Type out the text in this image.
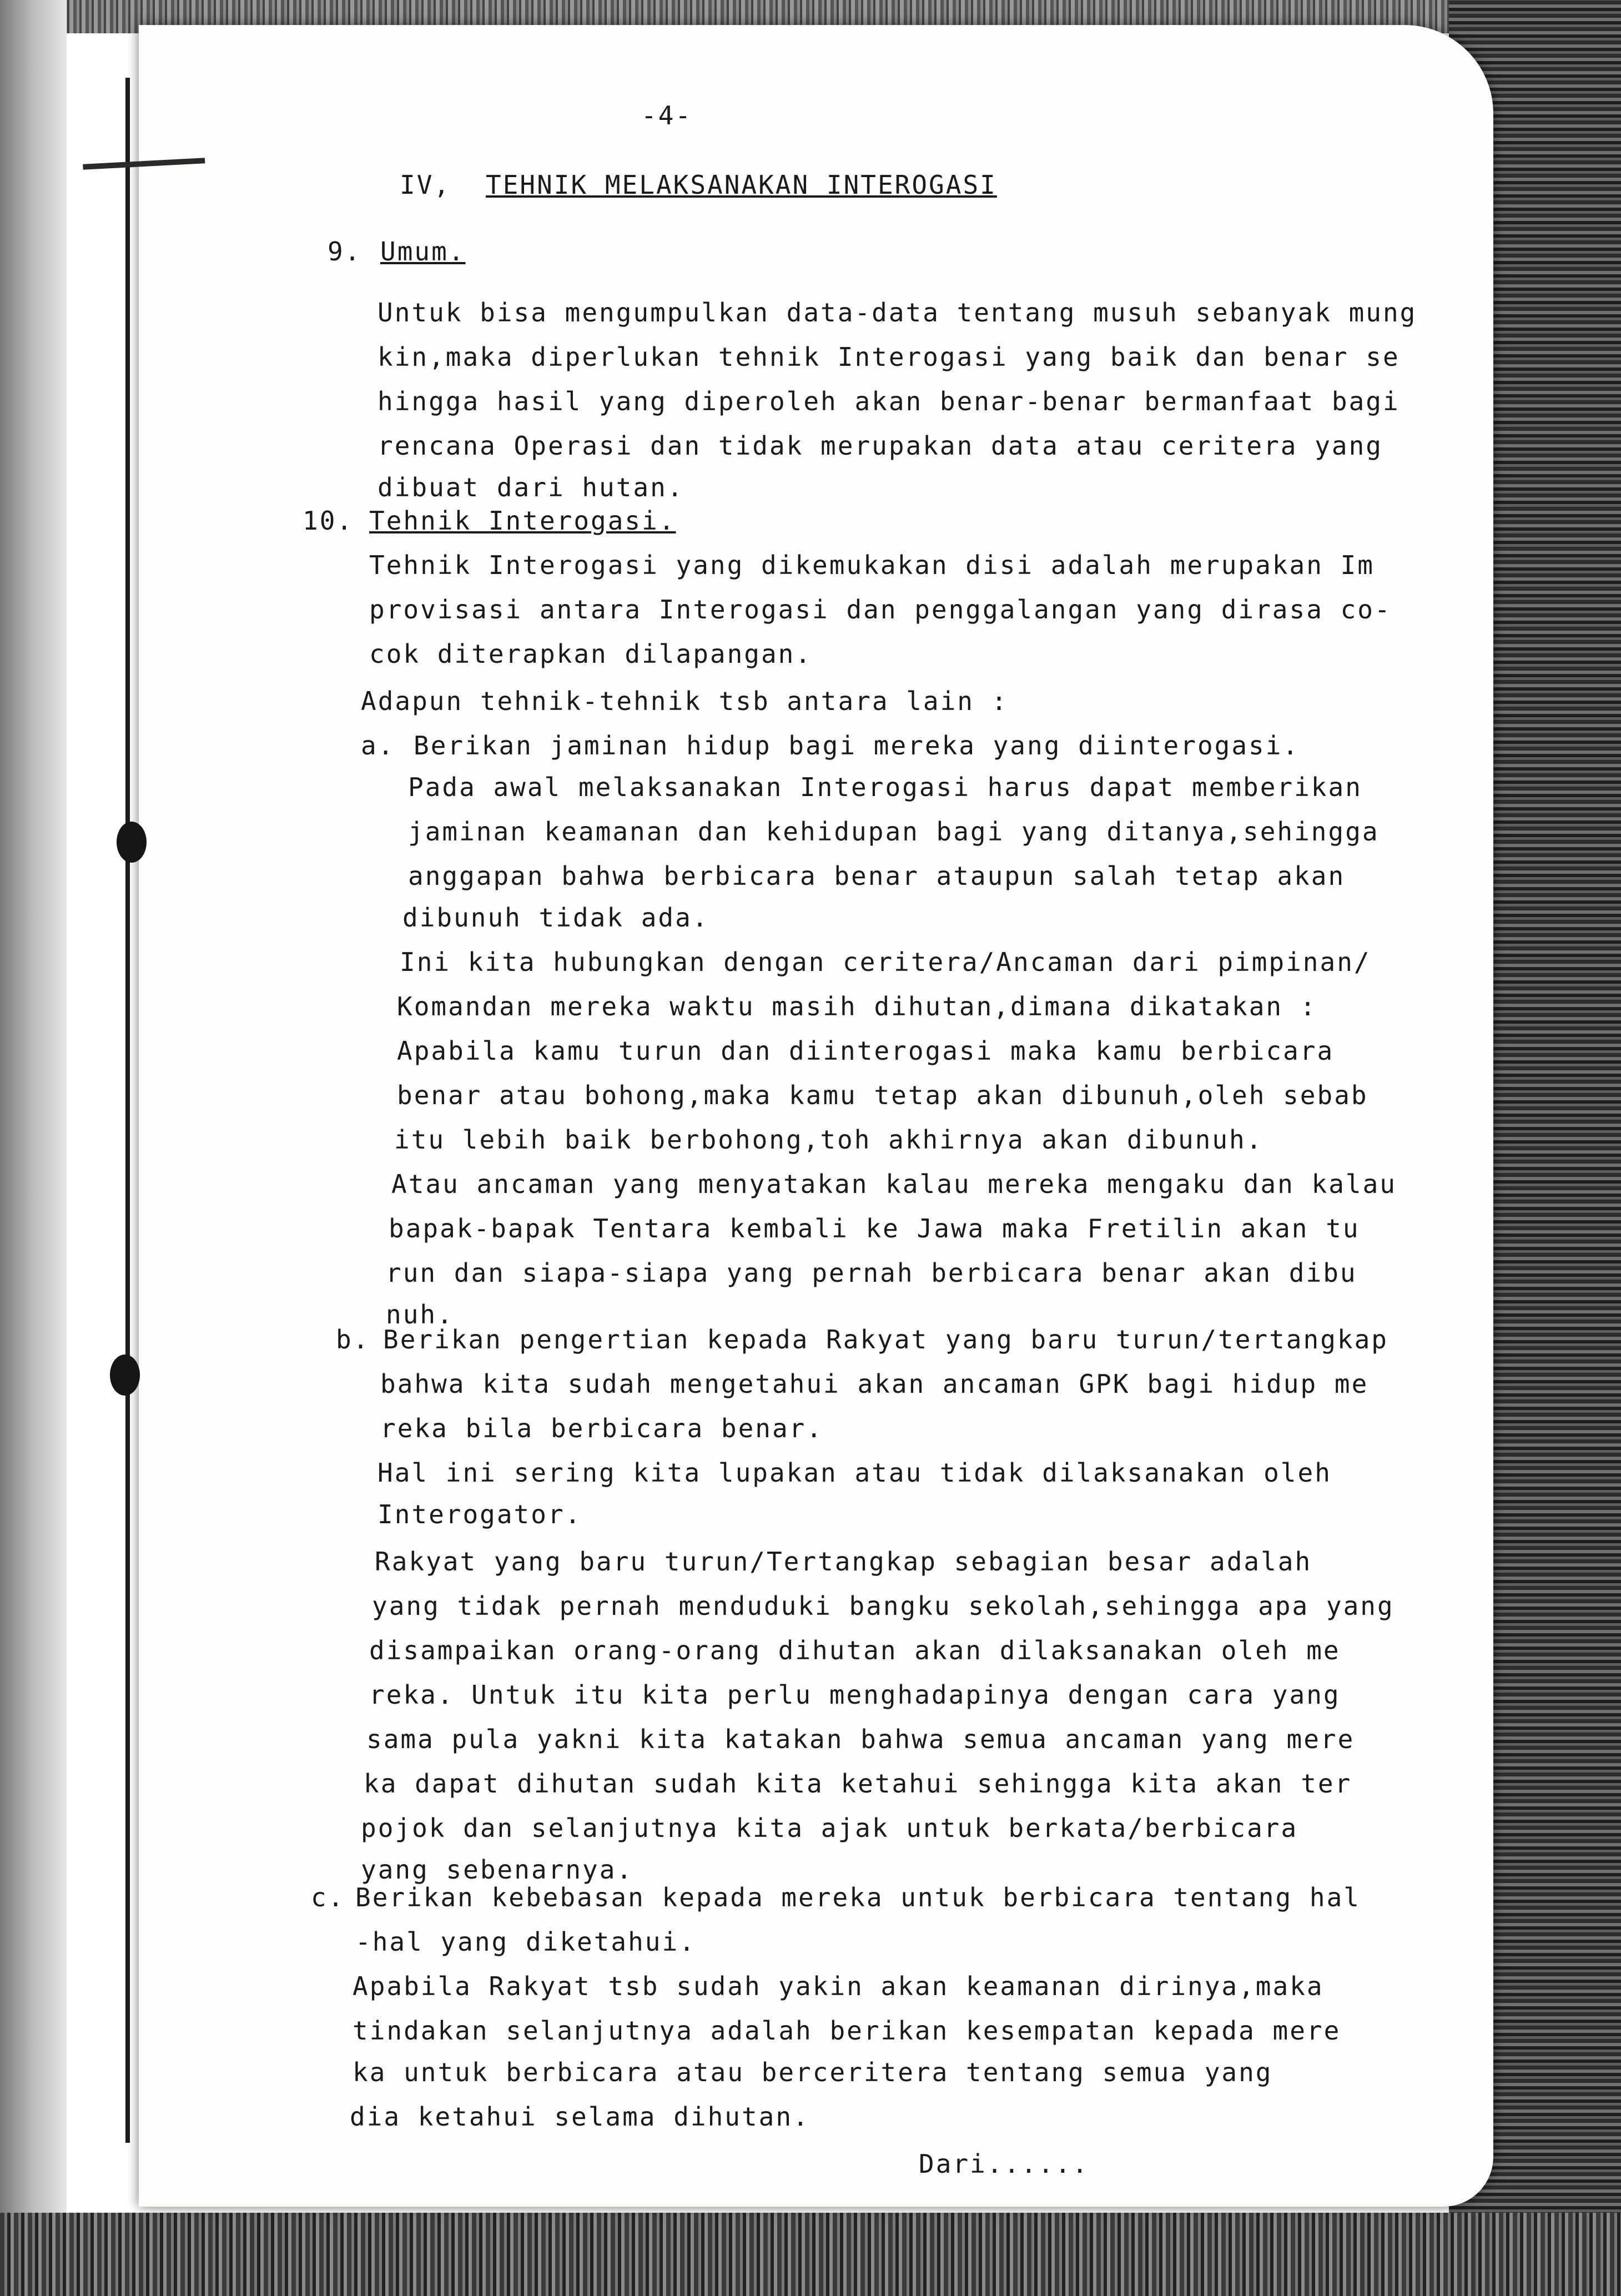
-4-
IV, TEHNIK MELAKSANAKAN INTEROGASI
9. Umum.
Untuk bisa mengumpulkan data-data tentang musuh sebanyak mung
kin,maka diperlukan tehnik Interogasi yang baik dan benar se
hingga hasil yang diperoleh akan benar-benar bermanfaat bagi
rencana Operasi dan tidak merupakan data atau ceritera yang
dibuat dari hutan.
10. Tehnik Interogasi.
Tehnik Interogasi yang dikemukakan disi adalah merupakan Im
provisasi antara Interogasi dan penggalangan yang dirasa co-
cok diterapkan dilapangan.
Adapun tehnik-tehnik tsb antara lain :
a. Berikan jaminan hidup bagi mereka yang diinterogasi.
Pada awal melaksanakan Interogasi harus dapat memberikan
jaminan keamanan dan kehidupan bagi yang ditanya,sehingga
anggapan bahwa berbicara benar ataupun salah tetap akan
dibunuh tidak ada.
Ini kita hubungkan dengan ceritera/Ancaman dari pimpinan/
Komandan mereka waktu masih dihutan,dimana dikatakan :
Apabila kamu turun dan diinterogasi maka kamu berbicara
benar atau bohong,maka kamu tetap akan dibunuh,oleh sebab
itu lebih baik berbohong,toh akhirnya akan dibunuh.
Atau ancaman yang menyatakan kalau mereka mengaku dan kalau
bapak-bapak Tentara kembali ke Jawa maka Fretilin akan tu
run dan siapa-siapa yang pernah berbicara benar akan dibu
nuh.
b. Berikan pengertian kepada Rakyat yang baru turun/tertangkap
bahwa kita sudah mengetahui akan ancaman GPK bagi hidup me
reka bila berbicara benar.
Hal ini sering kita lupakan atau tidak dilaksanakan oleh
Interogator.
Rakyat yang baru turun/Tertangkap sebagian besar adalah
yang tidak pernah menduduki bangku sekolah,sehingga apa yang
disampaikan orang-orang dihutan akan dilaksanakan oleh me
reka. Untuk itu kita perlu menghadapinya dengan cara yang
sama pula yakni kita katakan bahwa semua ancaman yang mere
ka dapat dihutan sudah kita ketahui sehingga kita akan ter
pojok dan selanjutnya kita ajak untuk berkata/berbicara
yang sebenarnya.
c. Berikan kebebasan kepada mereka untuk berbicara tentang hal
-hal yang diketahui.
Apabila Rakyat tsb sudah yakin akan keamanan dirinya,maka
tindakan selanjutnya adalah berikan kesempatan kepada mere
ka untuk berbicara atau berceritera tentang semua yang
dia ketahui selama dihutan.
Dari......
